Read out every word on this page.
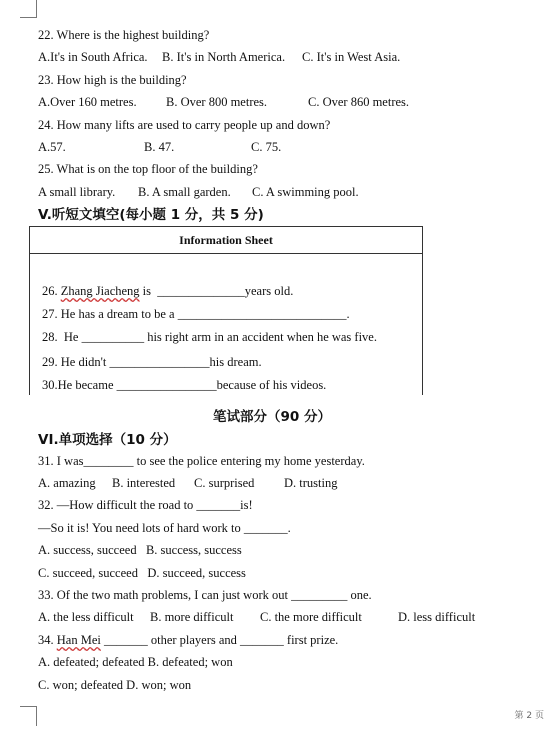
22. Where is the highest building?

A.It's in South Africa.

B. It's in North America.

C. It's in West Asia.

23. How high is the building?

A.Over 160 metres.

B. Over 800 metres.

	C. Over 860 metres.

24. How many lifts are used to carry people up and down?

A.57.

	B. 47.

	C. 75.

25. What is on the top floor of the building?

A small library.

B. A small garden.

C. A swimming pool.

V.听短文填空(每小题 1 分，共 5 分)
Information Sheet
26. Zhang Jiacheng is  ______________years old.
27. He has a dream to be a ___________________________.
28.  He __________ his right arm in an accident when he was five.
29. He didn't ________________his dream.
30.He became ________________because of his videos.
笔试部分（90 分）
VI.单项选择（10 分）
31. I was________ to see the police entering my home yesterday.

A. amazing

B. interested

C. surprised

D. trusting

32. —How difficult the road to _______is!
—So it is! You need lots of hard work to _______.
A. success, succeed   B. success, success
C. succeed, succeed   D. succeed, success
33. Of the two math problems, I can just work out _________ one.

A. the less difficult

B. more difficult

C. the more difficult

	D. less difficult

34. Han Mei _______ other players and _______ first prize.
A. defeated; defeated B. defeated; won
C. won; defeated D. won; won
第 2 页
